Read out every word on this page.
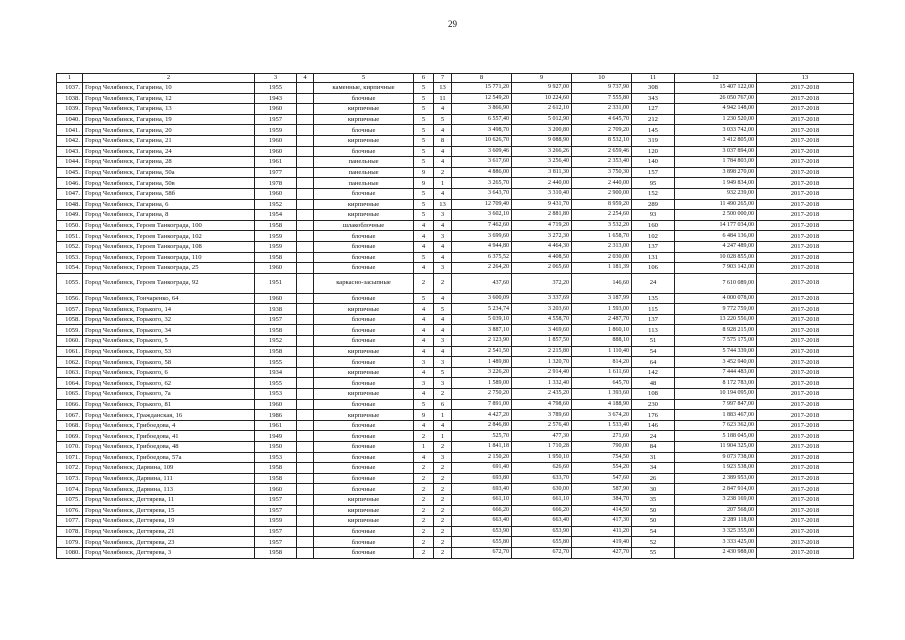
29
1	2	3	4	5	6	7	8	9	10	11	12	13
1037.	Город Челябинск, Гагарина, 10	1955		каменные, кирпичные	5	13	15 771,20	9 927,00	9 737,90	308	15 407 122,00	2017-2018
1038.	Город Челябинск, Гагарина, 12	1943		блочные	5	11	12 549,20	10 224,60	7 555,80	343	26 050 767,00	2017-2018
1039.	Город Челябинск, Гагарина, 13	1960		кирпичные	5	4	3 866,90	2 612,10	2 331,00	127	4 942 148,00	2017-2018
1040.	Город Челябинск, Гагарина, 19	1957		кирпичные	5	5	6 557,40	5 012,90	4 645,70	212	1 230 520,00	2017-2018
1041.	Город Челябинск, Гагарина, 20	1959		блочные	5	4	3 498,70	3 200,80	2 709,20	145	3 033 742,00	2017-2018
1042.	Город Челябинск, Гагарина, 21	1960		кирпичные	5	8	10 626,70	9 088,90	8 532,10	319	3 412 805,00	2017-2018
1043.	Город Челябинск, Гагарина, 24	1960		блочные	5	4	3 609,46	3 266,26	2 659,46	120	3 037 894,00	2017-2018
1044.	Город Челябинск, Гагарина, 28	1961		панельные	5	4	3 617,60	3 256,40	2 353,40	140	1 784 803,00	2017-2018
1045.	Город Челябинск, Гагарина, 50а	1977		панельные	9	2	4 886,00	3 811,30	3 750,30	157	3 898 270,00	2017-2018
1046.	Город Челябинск, Гагарина, 50в	1978		панельные	9	1	3 265,70	2 440,00	2 440,00	95	1 949 834,00	2017-2018
1047.	Город Челябинск, Гагарина, 58б	1960		блочные	5	4	3 643,70	3 310,40	2 900,00	152	932 239,00	2017-2018
1048.	Город Челябинск, Гагарина, 6	1952		кирпичные	5	13	12 709,40	9 431,70	8 959,20	289	11 490 265,00	2017-2018
1049.	Город Челябинск, Гагарина, 8	1954		кирпичные	5	3	3 602,10	2 881,80	2 254,60	93	2 500 000,00	2017-2018
1050.	Город Челябинск, Героев Танкограда, 100	1958		шлакоблочные	4	4	7 462,60	4 719,20	3 532,20	160	14 177 034,00	2017-2018
1051.	Город Челябинск, Героев Танкограда, 102	1959		блочные	4	3	3 699,60	3 272,30	1 658,70	102	6 484 136,00	2017-2018
1052.	Город Челябинск, Героев Танкограда, 108	1959		блочные	4	4	4 944,80	4 464,30	2 313,00	137	4 247 489,00	2017-2018
1053.	Город Челябинск, Героев Танкограда, 110	1958		блочные	5	4	6 375,52	4 408,50	2 030,00	131	10 028 855,00	2017-2018
1054.	Город Челябинск, Героев Танкограда, 25	1960		блочные	4	3	2 264,20	2 065,60	1 181,39	106	7 903 142,00	2017-2018
1055.	Город Челябинск, Героев Танкограда, 92	1951		каркасно-засыпные	2	2	437,60	372,20	146,60	24	7 610 089,00	2017-2018
1056.	Город Челябинск, Гончаренко, 64	1960		блочные	5	4	3 600,09	3 337,69	3 187,99	135	4 000 078,00	2017-2018
1057.	Город Челябинск, Горького, 14	1938		кирпичные	4	5	5 234,74	3 203,60	1 593,00	115	9 772 759,00	2017-2018
1058.	Город Челябинск, Горького, 32	1957		блочные	4	4	5 039,10	4 558,70	2 487,70	137	13 220 556,00	2017-2018
1059.	Город Челябинск, Горького, 34	1958		блочные	4	4	3 887,10	3 469,60	1 860,10	113	8 928 215,00	2017-2018
1060.	Город Челябинск, Горького, 5	1952		блочные	4	3	2 123,90	1 857,50	888,10	51	7 575 175,00	2017-2018
1061.	Город Челябинск, Горького, 53	1958		кирпичные	4	4	2 541,50	2 215,80	1 110,40	54	5 744 339,00	2017-2018
1062.	Город Челябинск, Горького, 58	1955		блочные	3	3	1 489,80	1 320,70	814,20	64	3 452 940,00	2017-2018
1063.	Город Челябинск, Горького, 6	1934		кирпичные	4	5	3 226,20	2 914,40	1 611,60	142	7 444 483,00	2017-2018
1064.	Город Челябинск, Горького, 62	1955		блочные	3	3	1 589,00	1 332,40	645,70	48	8 172 783,00	2017-2018
1065.	Город Челябинск, Горького, 7а	1953		кирпичные	4	2	2 750,20	2 435,20	1 393,60	108	10 194 095,00	2017-2018
1066.	Город Челябинск, Горького, 81	1960		блочные	5	6	7 891,00	4 798,60	4 188,90	230	7 997 847,00	2017-2018
1067.	Город Челябинск, Гражданская, 16	1986		кирпичные	9	1	4 427,20	3 789,60	3 674,20	176	1 883 467,00	2017-2018
1068.	Город Челябинск, Грибоедова, 4	1961		блочные	4	4	2 846,80	2 576,40	1 533,40	146	7 623 362,00	2017-2018
1069.	Город Челябинск, Грибоедова, 41	1949		блочные	2	1	525,70	477,30	271,60	24	5 188 045,00	2017-2018
1070.	Город Челябинск, Грибоедова, 48	1950		блочные	1	2	1 841,18	1 710,28	790,00	84	11 904 325,00	2017-2018
1071.	Город Челябинск, Грибоедова, 57а	1953		блочные	4	3	2 150,20	1 950,10	754,50	31	9 073 738,00	2017-2018
1072.	Город Челябинск, Дарвина, 109	1958		блочные	2	2	691,40	626,60	554,20	34	1 923 538,00	2017-2018
1073.	Город Челябинск, Дарвина, 111	1958		блочные	2	2	693,80	633,70	547,60	26	2 389 953,00	2017-2018
1074.	Город Челябинск, Дарвина, 113	1960		блочные	2	2	693,40	630,00	587,90	30	2 847 914,00	2017-2018
1075.	Город Челябинск, Дегтярева, 11	1957		кирпичные	2	2	661,10	661,10	384,70	35	3 238 169,00	2017-2018
1076.	Город Челябинск, Дегтярева, 15	1957		кирпичные	2	2	666,20	666,20	414,50	50	207 568,00	2017-2018
1077.	Город Челябинск, Дегтярева, 19	1959		кирпичные	2	2	663,40	663,40	417,30	50	2 289 118,00	2017-2018
1078.	Город Челябинск, Дегтярева, 21	1957		блочные	2	2	653,90	653,90	411,20	54	3 325 355,00	2017-2018
1079.	Город Челябинск, Дегтярева, 23	1957		блочные	2	2	655,80	655,80	419,40	52	3 333 425,00	2017-2018
1080.	Город Челябинск, Дегтярева, 3	1958		блочные	2	2	672,70	672,70	427,70	55	2 430 988,00	2017-2018
